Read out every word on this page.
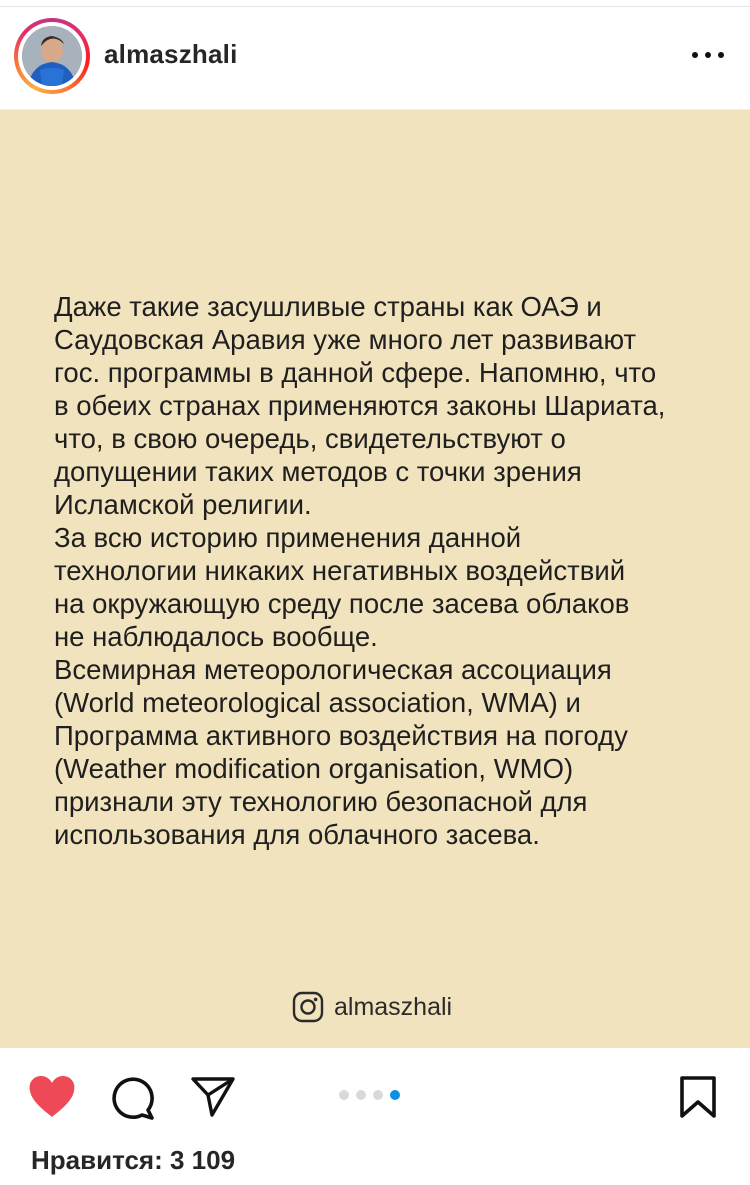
almaszhali
Даже такие засушливые страны как ОАЭ и
Саудовская Аравия уже много лет развивают
гос. программы в данной сфере. Напомню, что
в обеих странах применяются законы Шариата,
что, в свою очередь, свидетельствуют о
допущении таких методов с точки зрения
Исламской религии.
За всю историю применения данной
технологии никаких негативных воздействий
на окружающую среду после засева облаков
не наблюдалось вообще.
Всемирная метеорологическая ассоциация
(World meteorological association, WMA) и
Программа активного воздействия на погоду
(Weather modification organisation, WMO)
признали эту технологию безопасной для
использования для облачного засева.
almaszhali
Нравится: 3 109
